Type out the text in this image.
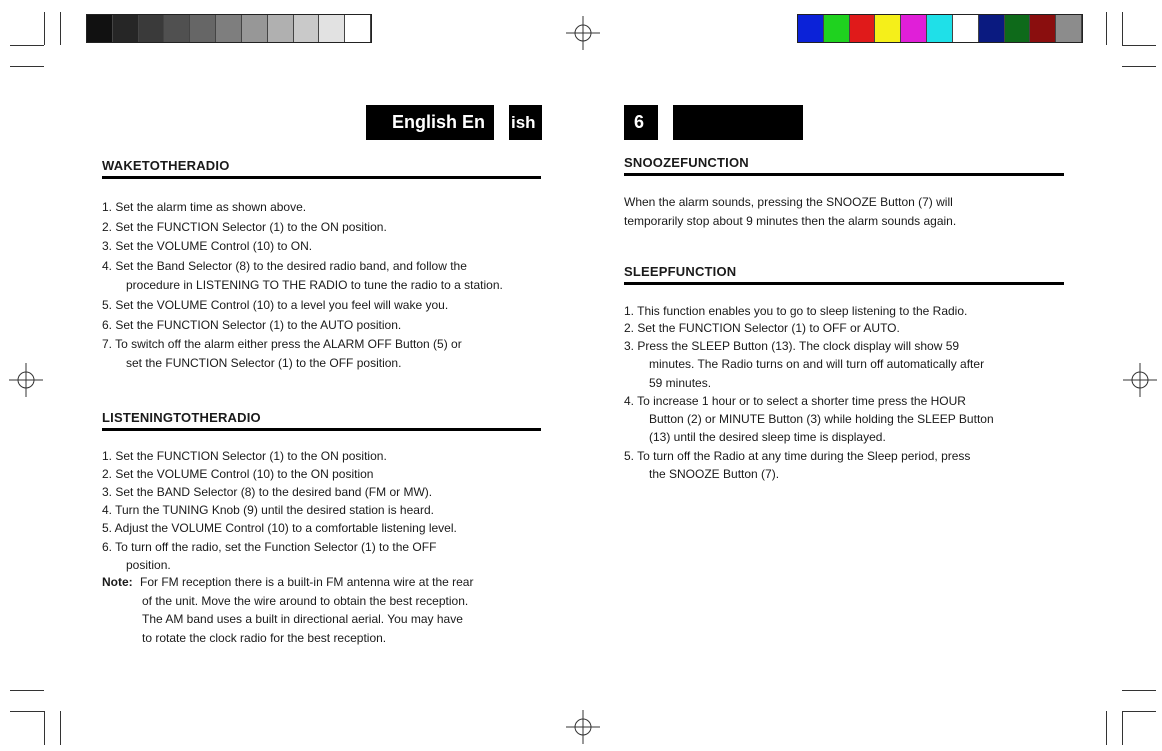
English En	ish	6
WAKETOTHERADIO
1. Set the alarm time as shown above.
2. Set the FUNCTION Selector (1) to the ON position.
3. Set the VOLUME Control (10) to ON.
4. Set the Band Selector (8) to the desired radio band, and follow the
procedure in LISTENING TO THE RADIO to tune the radio to a station.
5. Set the VOLUME Control (10) to a level you feel will wake you.
6. Set the FUNCTION Selector (1) to the AUTO position.
7. To switch off the alarm either press the ALARM OFF Button (5) or
set the FUNCTION Selector (1) to the OFF position.
LISTENINGTOTHERADIO
1. Set the FUNCTION Selector (1) to the ON position.
2. Set the VOLUME Control (10) to the ON position
3. Set the BAND Selector (8) to the desired band (FM or MW).
4. Turn the TUNING Knob (9) until the desired station is heard.
5. Adjust the VOLUME Control (10) to a comfortable listening level.
6. To turn off the radio, set the Function Selector (1) to the OFF
position.
Note: For FM reception there is a built-in FM antenna wire at the rear
of the unit. Move the wire around to obtain the best reception.
The AM band uses a built in directional aerial. You may have
to rotate the clock radio for the best reception.
SNOOZEFUNCTION
When the alarm sounds, pressing the SNOOZE Button (7) will
temporarily stop about 9 minutes then the alarm sounds again.
SLEEPFUNCTION
1. This function enables you to go to sleep listening to the Radio.
2. Set the FUNCTION Selector (1) to OFF or AUTO.
3. Press the SLEEP Button (13). The clock display will show 59
minutes. The Radio turns on and will turn off automatically after
59 minutes.
4. To increase 1 hour or to select a shorter time press the HOUR
Button (2) or MINUTE Button (3) while holding the SLEEP Button
(13) until the desired sleep time is displayed.
5. To turn off the Radio at any time during the Sleep period, press
the SNOOZE Button (7).
